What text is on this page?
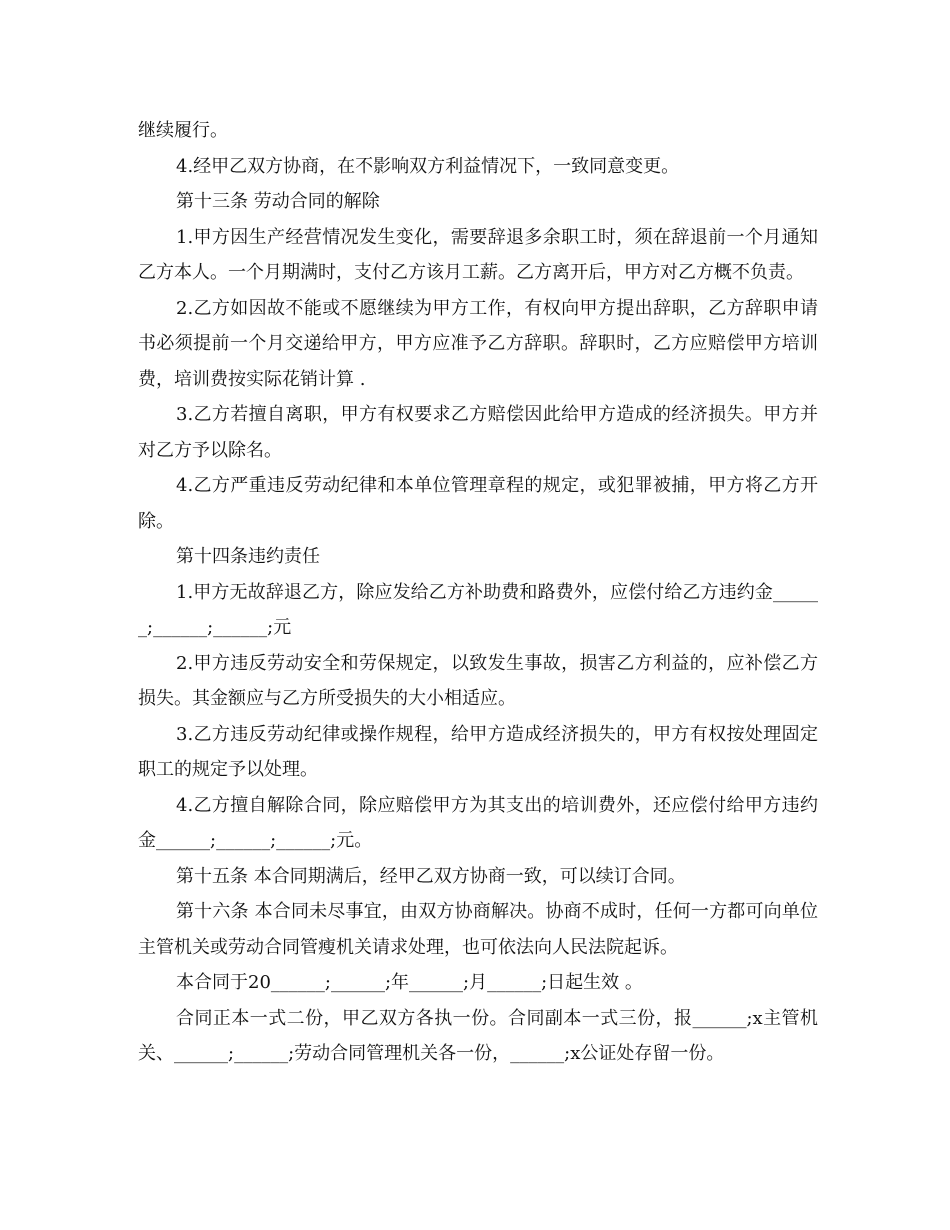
继续履行。

4.经甲乙双方协商，在不影响双方利益情况下，一致同意变更。

第十三条 劳动合同的解除

1.甲方因生产经营情况发生变化，需要辞退多余职工时，须在辞退前一个月通知乙方本人。一个月期满时，支付乙方该月工薪。乙方离开后，甲方对乙方概不负责。

2.乙方如因故不能或不愿继续为甲方工作，有权向甲方提出辞职，乙方辞职申请书必须提前一个月交递给甲方，甲方应准予乙方辞职。辞职时，乙方应赔偿甲方培训费，培训费按实际花销计算 .

3.乙方若擅自离职，甲方有权要求乙方赔偿因此给甲方造成的经济损失。甲方并对乙方予以除名。

4.乙方严重违反劳动纪律和本单位管理章程的规定，或犯罪被捕，甲方将乙方开除。

第十四条违约责任

1.甲方无故辞退乙方，除应发给乙方补助费和路费外，应偿付给乙方违约金______;______;______;元

2.甲方违反劳动安全和劳保规定，以致发生事故，损害乙方利益的，应补偿乙方损失。其金额应与乙方所受损失的大小相适应。

3.乙方违反劳动纪律或操作规程，给甲方造成经济损失的，甲方有权按处理固定职工的规定予以处理。

4.乙方擅自解除合同，除应赔偿甲方为其支出的培训费外，还应偿付给甲方违约金______;______;______;元。

第十五条 本合同期满后，经甲乙双方协商一致，可以续订合同。

第十六条 本合同未尽事宜，由双方协商解决。协商不成时，任何一方都可向单位主管机关或劳动合同管瘦机关请求处理，也可依法向人民法院起诉。

本合同于20______;______;年______;月______;日起生效 。

合同正本一式二份，甲乙双方各执一份。合同副本一式三份，报______;x主管机关、______;______;劳动合同管理机关各一份，______;x公证处存留一份。
